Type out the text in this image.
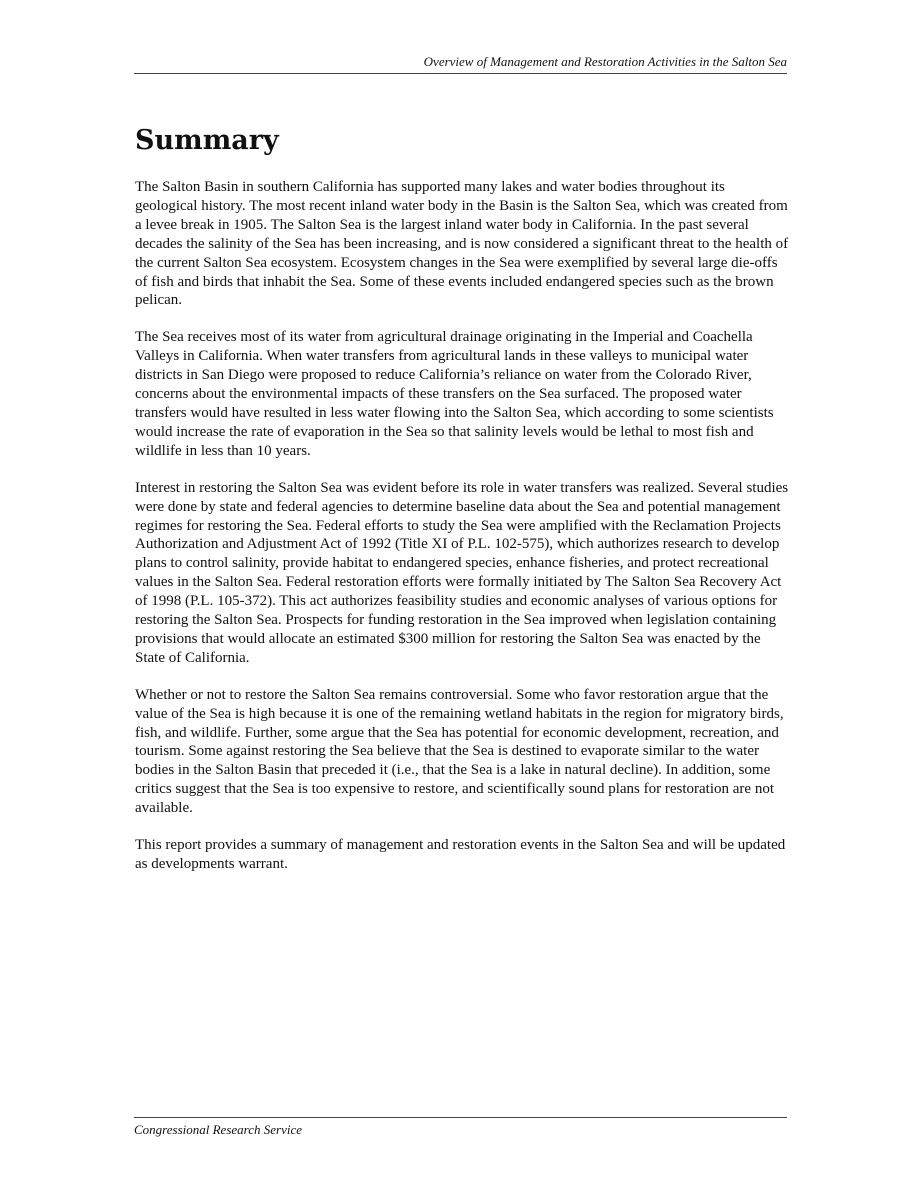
Overview of Management and Restoration Activities in the Salton Sea
Summary

The Salton Basin in southern California has supported many lakes and water bodies throughout its geological history. The most recent inland water body in the Basin is the Salton Sea, which was created from a levee break in 1905. The Salton Sea is the largest inland water body in California. In the past several decades the salinity of the Sea has been increasing, and is now considered a significant threat to the health of the current Salton Sea ecosystem. Ecosystem changes in the Sea were exemplified by several large die-offs of fish and birds that inhabit the Sea. Some of these events included endangered species such as the brown pelican.

The Sea receives most of its water from agricultural drainage originating in the Imperial and Coachella Valleys in California. When water transfers from agricultural lands in these valleys to municipal water districts in San Diego were proposed to reduce California’s reliance on water from the Colorado River, concerns about the environmental impacts of these transfers on the Sea surfaced. The proposed water transfers would have resulted in less water flowing into the Salton Sea, which according to some scientists would increase the rate of evaporation in the Sea so that salinity levels would be lethal to most fish and wildlife in less than 10 years.

Interest in restoring the Salton Sea was evident before its role in water transfers was realized. Several studies were done by state and federal agencies to determine baseline data about the Sea and potential management regimes for restoring the Sea. Federal efforts to study the Sea were amplified with the Reclamation Projects Authorization and Adjustment Act of 1992 (Title XI of P.L. 102-575), which authorizes research to develop plans to control salinity, provide habitat to endangered species, enhance fisheries, and protect recreational values in the Salton Sea. Federal restoration efforts were formally initiated by The Salton Sea Recovery Act of 1998 (P.L. 105-372). This act authorizes feasibility studies and economic analyses of various options for restoring the Salton Sea. Prospects for funding restoration in the Sea improved when legislation containing provisions that would allocate an estimated $300 million for restoring the Salton Sea was enacted by the State of California.

Whether or not to restore the Salton Sea remains controversial. Some who favor restoration argue that the value of the Sea is high because it is one of the remaining wetland habitats in the region for migratory birds, fish, and wildlife. Further, some argue that the Sea has potential for economic development, recreation, and tourism. Some against restoring the Sea believe that the Sea is destined to evaporate similar to the water bodies in the Salton Basin that preceded it (i.e., that the Sea is a lake in natural decline). In addition, some critics suggest that the Sea is too expensive to restore, and scientifically sound plans for restoration are not available.

This report provides a summary of management and restoration events in the Salton Sea and will be updated as developments warrant.

Congressional Research Service
